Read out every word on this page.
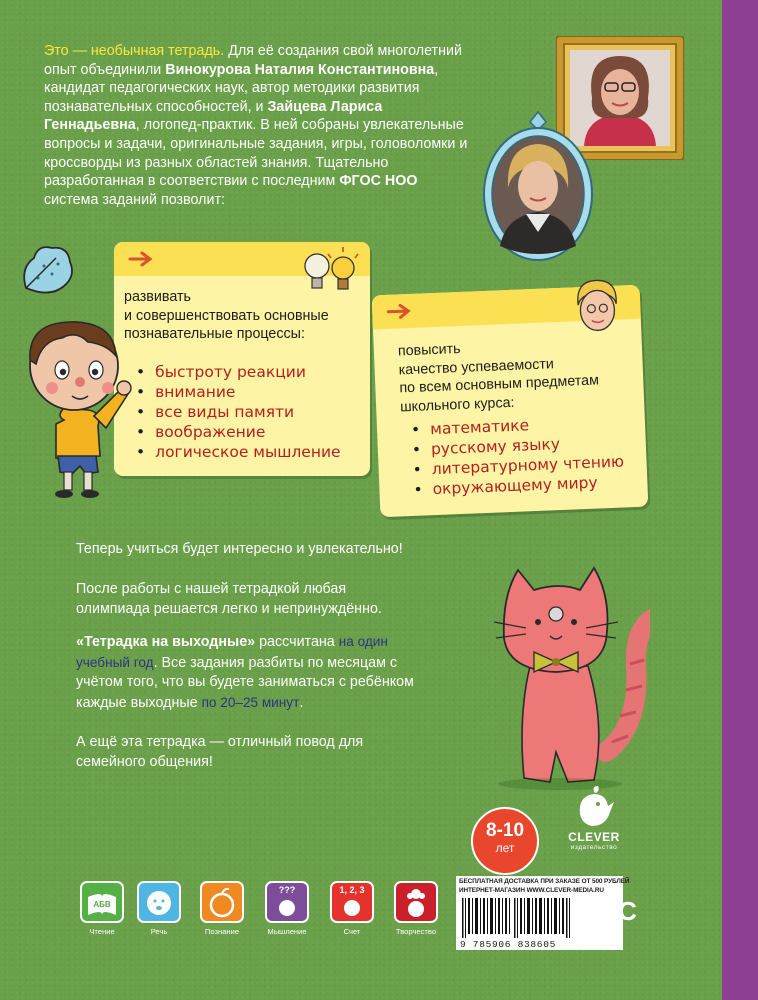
Это — необычная тетрадь. Для её создания свой многолетний опыт объединили Винокурова Наталия Константиновна, кандидат педагогических наук, автор методики развития познавательных способностей, и Зайцева Лариса Геннадьевна, логопед-практик. В ней собраны увлекательные вопросы и задачи, оригинальные задания, игры, головоломки и кроссворды из разных областей знания. Тщательно разработанная в соответствии с последним ФГОС НОО система заданий позволит:

развивать
и совершенствовать основные
познавательные процессы:

• быстроту реакции
• внимание
• все виды памяти
• воображение
• логическое мышление

повысить
качество успеваемости
по всем основным предметам
школьного курса:

• математике
• русскому языку
• литературному чтению
• окружающему миру

Теперь учиться будет интересно и увлекательно!

После работы с нашей тетрадкой любая олимпиада решается легко и непринуждённо.

«Тетрадка на выходные» рассчитана на один учебный год. Все задания разбиты по месяцам с учётом того, что вы будете заниматься с ребёнком каждые выходные по 20–25 минут.

А ещё эта тетрадка — отличный повод для семейного общения!

8-10
лет
CLEVER
издательство
АБВ
Чтение	Речь	Познание
???
Мышление
1, 2, 3
Счет	Творчество
БЕСПЛАТНАЯ ДОСТАВКА ПРИ ЗАКАЗЕ ОТ 500 РУБЛЕЙ
ИНТЕРНЕТ-МАГАЗИН WWW.CLEVER-MEDIA.RU
9 785906 838605
EAC
